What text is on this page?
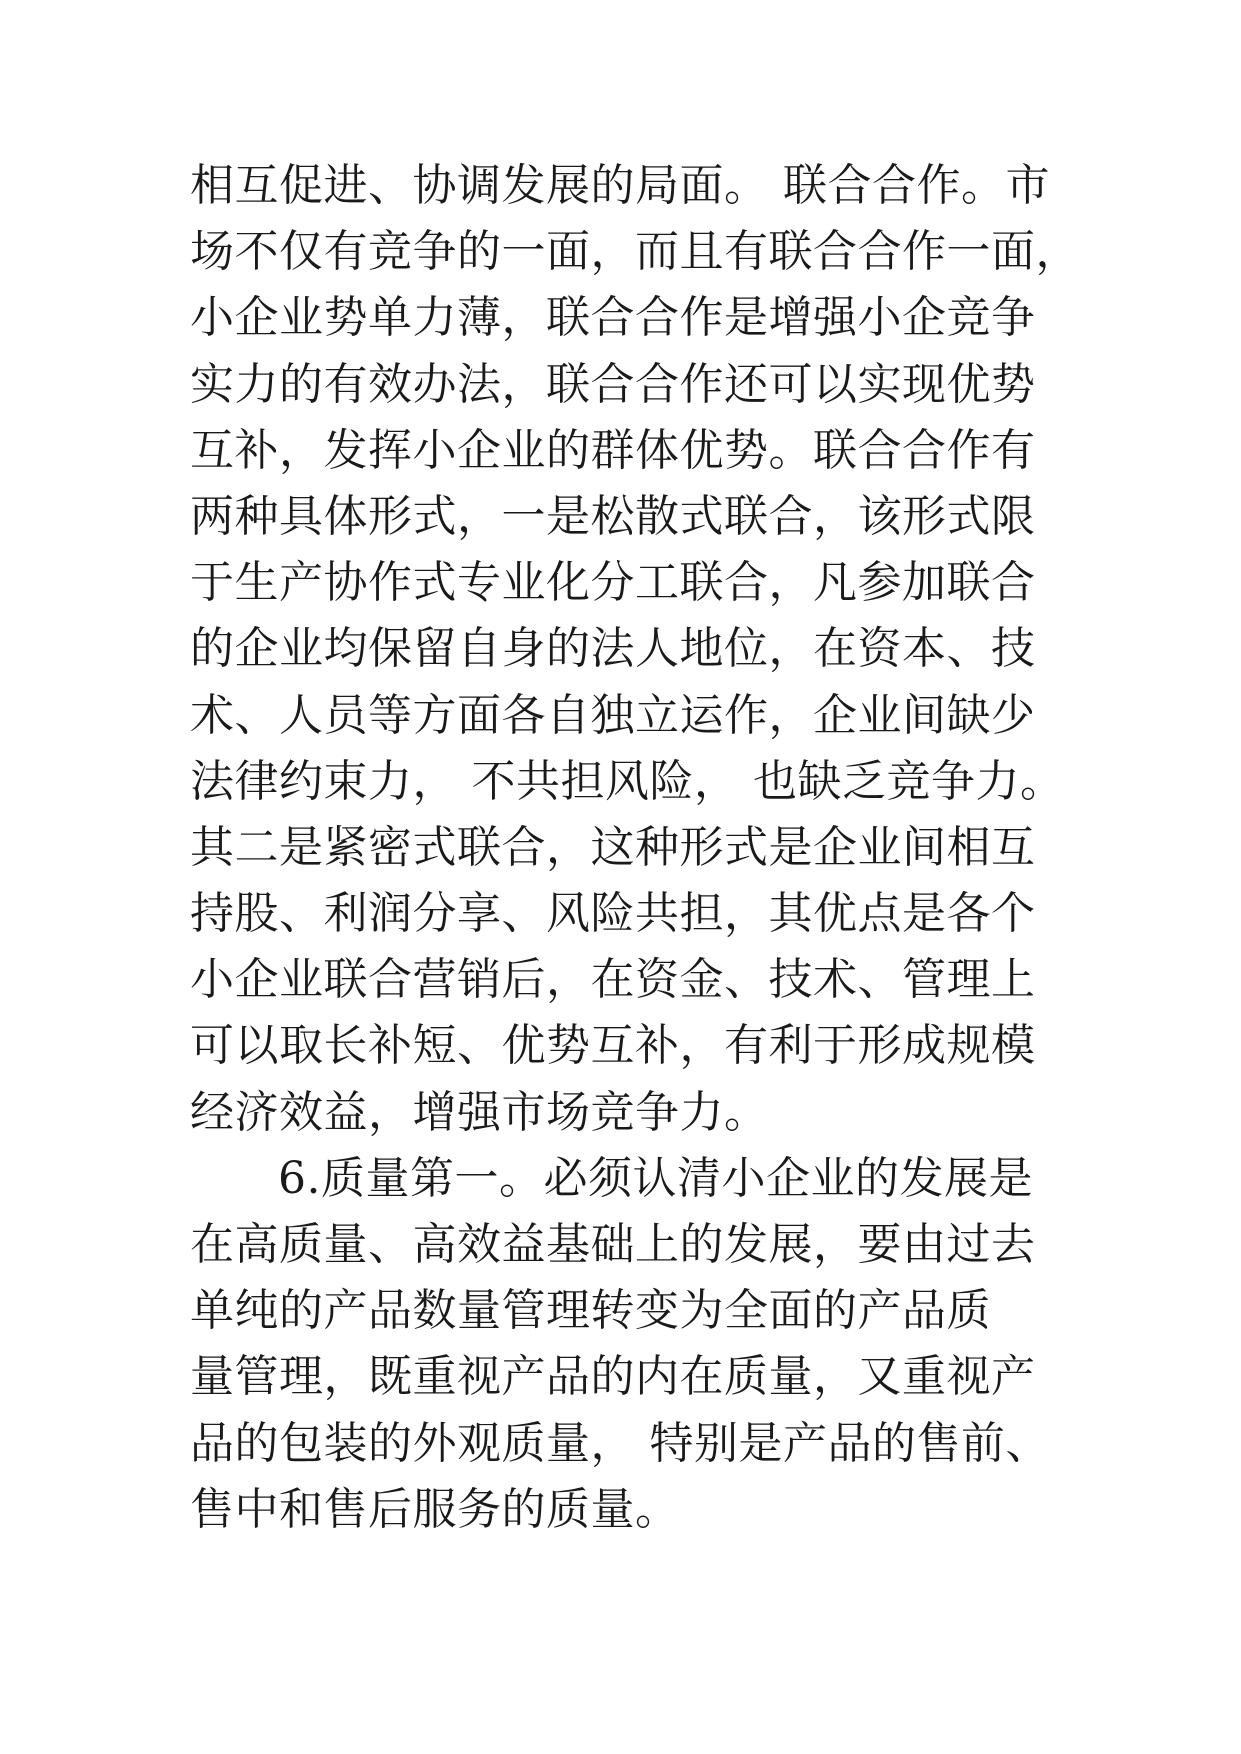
相互促进、协调发展的局面。 联合合作。市
场不仅有竞争的一面，而且有联合合作一面，
小企业势单力薄，联合合作是增强小企竞争
实力的有效办法，联合合作还可以实现优势
互补，发挥小企业的群体优势。联合合作有
两种具体形式，一是松散式联合，该形式限
于生产协作式专业化分工联合，凡参加联合
的企业均保留自身的法人地位，在资本、技
术、人员等方面各自独立运作，企业间缺少
法律约束力， 不共担风险， 也缺乏竞争力。
其二是紧密式联合，这种形式是企业间相互
持股、利润分享、风险共担，其优点是各个
小企业联合营销后，在资金、技术、管理上
可以取长补短、优势互补，有利于形成规模
经济效益，增强市场竞争力。
6.质量第一。必须认清小企业的发展是
在高质量、高效益基础上的发展，要由过去
单纯的产品数量管理转变为全面的产品质
量管理，既重视产品的内在质量，又重视产
品的包装的外观质量， 特别是产品的售前、
售中和售后服务的质量。
